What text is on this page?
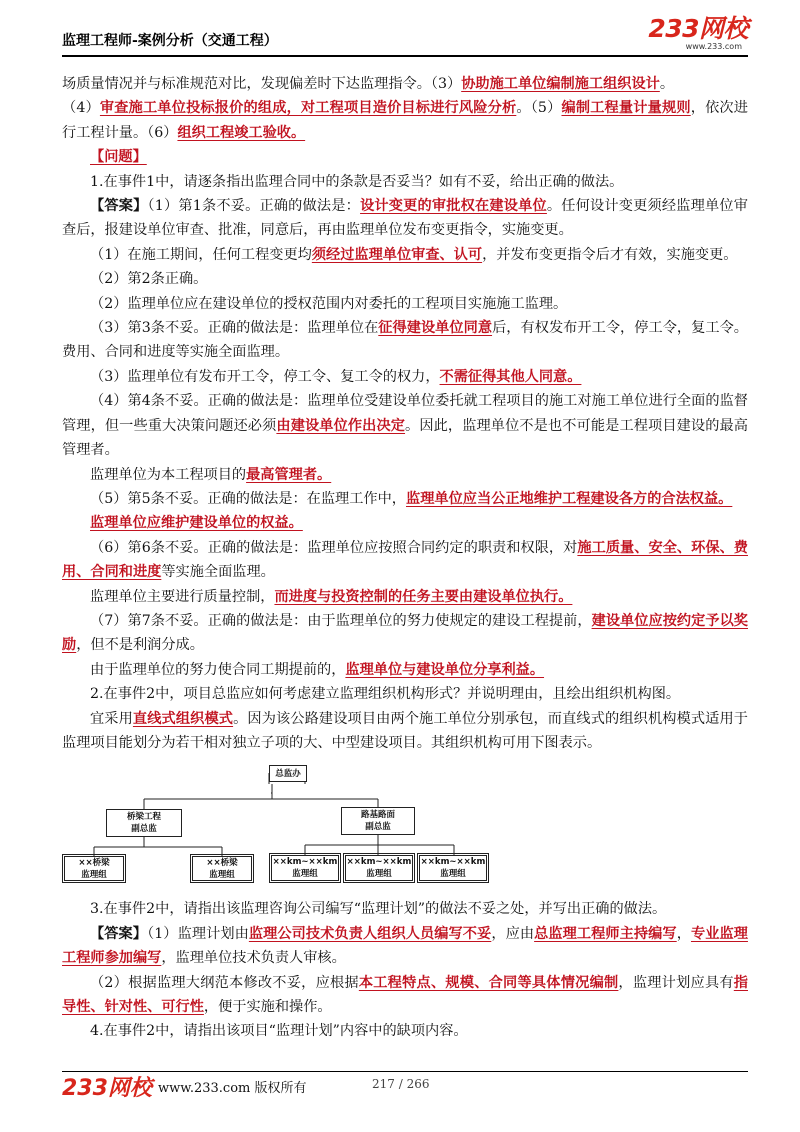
监理工程师-案例分析（交通工程）	233网校
www.233.com

场质量情况并与标准规范对比，发现偏差时下达监理指令。（3）协助施工单位编制施工组织设计。

（4）审查施工单位投标报价的组成，对工程项目造价目标进行风险分析。（5）编制工程量计量规则，依次进行工程计量。（6）组织工程竣工验收。

【问题】

1.在事件1中，请逐条指出监理合同中的条款是否妥当？如有不妥，给出正确的做法。

【答案】（1）第1条不妥。正确的做法是：设计变更的审批权在建设单位。任何设计变更须经监理单位审查后，报建设单位审查、批准，同意后，再由监理单位发布变更指令，实施变更。

（1）在施工期间，任何工程变更均须经过监理单位审查、认可，并发布变更指令后才有效，实施变更。

（2）第2条正确。

（2）监理单位应在建设单位的授权范围内对委托的工程项目实施施工监理。

（3）第3条不妥。正确的做法是：监理单位在征得建设单位同意后，有权发布开工令，停工令，复工令。费用、合同和进度等实施全面监理。

（3）监理单位有发布开工令，停工令、复工令的权力，不需征得其他人同意。

（4）第4条不妥。正确的做法是：监理单位受建设单位委托就工程项目的施工对施工单位进行全面的监督管理，但一些重大决策问题还必须由建设单位作出决定。因此，监理单位不是也不可能是工程项目建设的最高管理者。

监理单位为本工程项目的最高管理者。

（5）第5条不妥。正确的做法是：在监理工作中，监理单位应当公正地维护工程建设各方的合法权益。

监理单位应维护建设单位的权益。

（6）第6条不妥。正确的做法是：监理单位应按照合同约定的职责和权限，对施工质量、安全、环保、费用、合同和进度等实施全面监理。

监理单位主要进行质量控制，而进度与投资控制的任务主要由建设单位执行。

（7）第7条不妥。正确的做法是：由于监理单位的努力使规定的建设工程提前，建设单位应按约定予以奖励，但不是利润分成。

由于监理单位的努力使合同工期提前的，监理单位与建设单位分享利益。

2.在事件2中，项目总监应如何考虑建立监理组织机构形式？并说明理由，且绘出组织机构图。

宜采用直线式组织模式。因为该公路建设项目由两个施工单位分别承包，而直线式的组织机构模式适用于监理项目能划分为若干相对独立子项的大、中型建设项目。其组织机构可用下图表示。

总监办
桥梁工程
副总监
路基路面
副总监
××桥梁
监理组
××桥梁
监理组
××km~××km
监理组
××km~××km
监理组
××km~××km
监理组

3.在事件2中，请指出该监理咨询公司编写“监理计划”的做法不妥之处，并写出正确的做法。

【答案】（1）监理计划由监理公司技术负责人组织人员编写不妥，应由总监理工程师主持编写，专业监理工程师参加编写，监理单位技术负责人审核。

（2）根据监理大纲范本修改不妥，应根据本工程特点、规模、合同等具体情况编制，监理计划应具有指导性、针对性、可行性，便于实施和操作。

4.在事件2中，请指出该项目“监理计划”内容中的缺项内容。

233网校 www.233.com 版权所有	217 / 266
